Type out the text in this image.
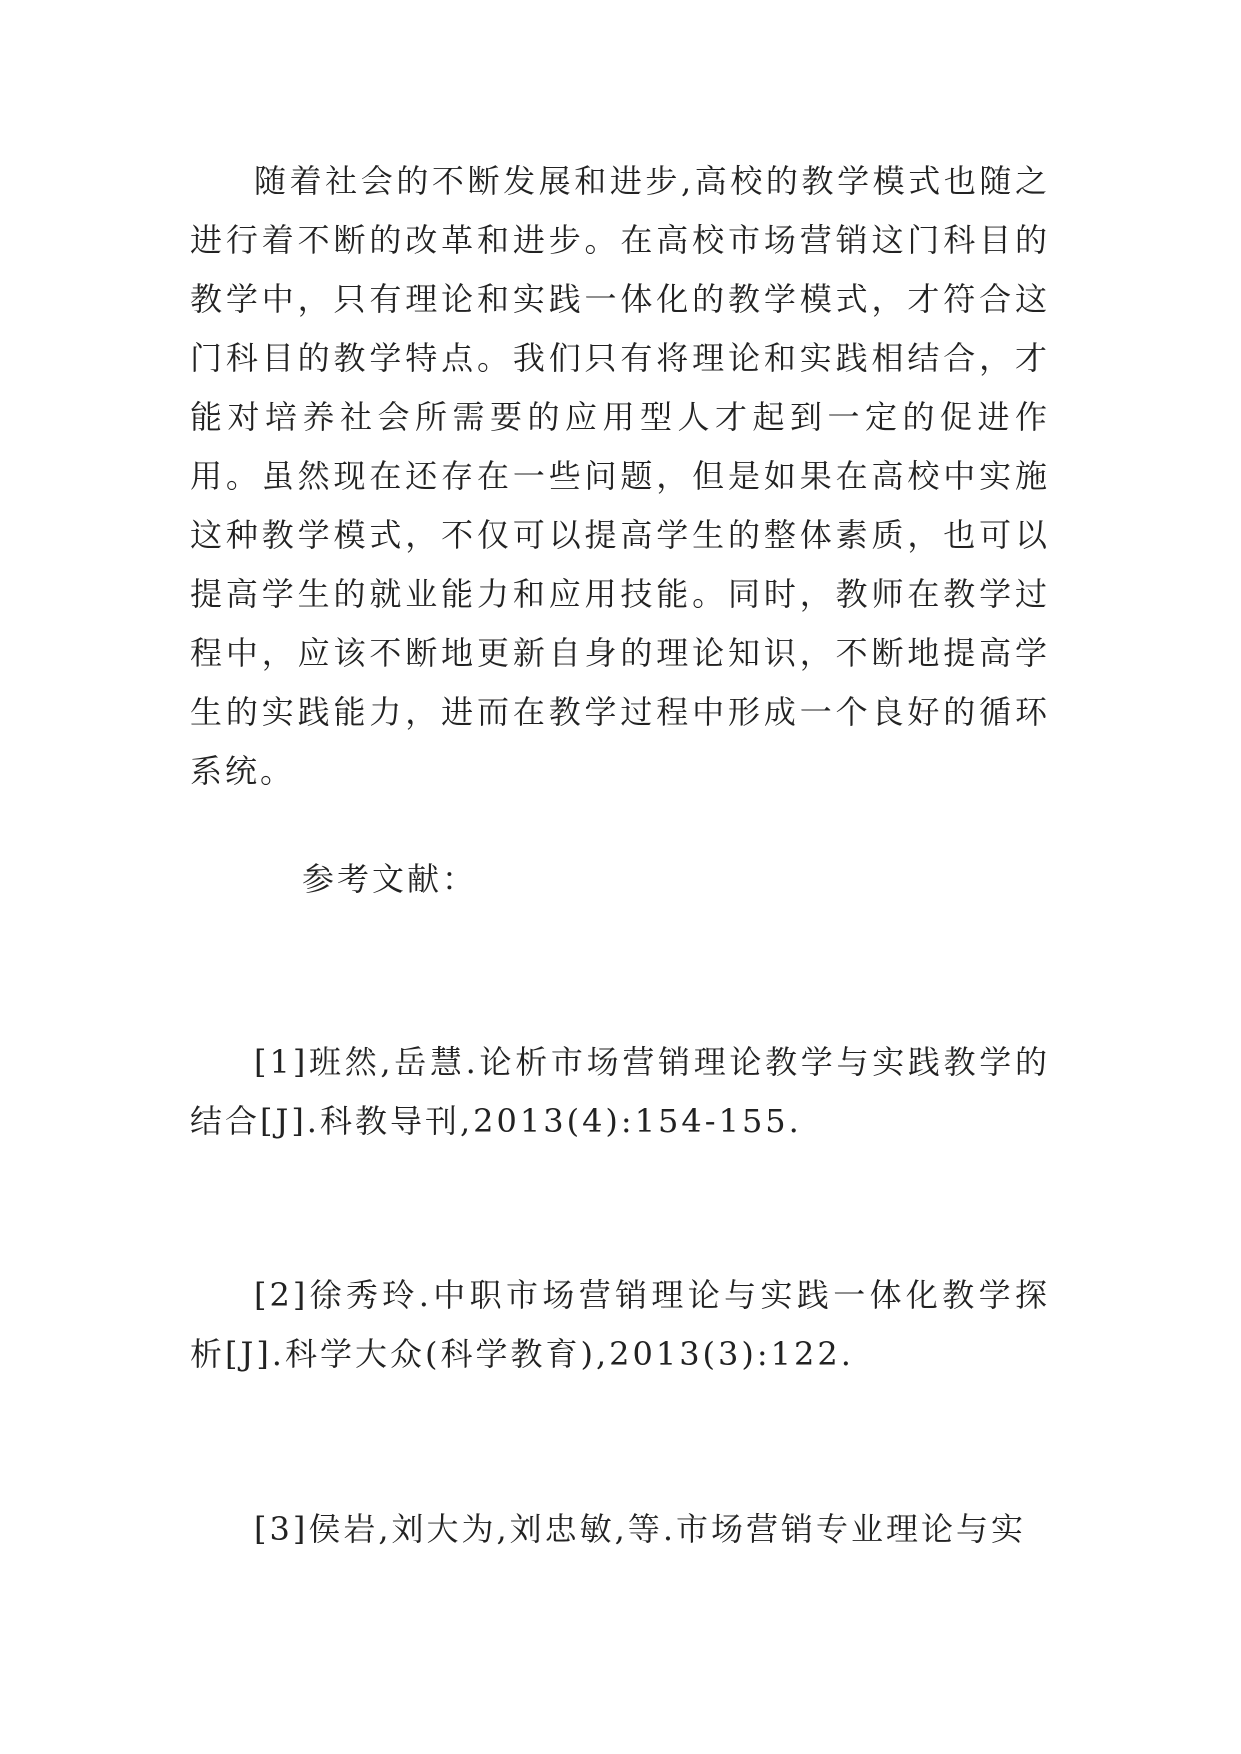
随着社会的不断发展和进步,高校的教学模式也随之进行着不断的改革和进步。在高校市场营销这门科目的教学中，只有理论和实践一体化的教学模式，才符合这门科目的教学特点。我们只有将理论和实践相结合，才能对培养社会所需要的应用型人才起到一定的促进作用。虽然现在还存在一些问题，但是如果在高校中实施这种教学模式，不仅可以提高学生的整体素质，也可以提高学生的就业能力和应用技能。同时，教师在教学过程中，应该不断地更新自身的理论知识，不断地提高学生的实践能力，进而在教学过程中形成一个良好的循环系统。

参考文献：

[1]班然,岳慧.论析市场营销理论教学与实践教学的结合[J].科教导刊,2013(4):154-155.

[2]徐秀玲.中职市场营销理论与实践一体化教学探析[J].科学大众(科学教育),2013(3):122.

[3]侯岩,刘大为,刘忠敏,等.市场营销专业理论与实
